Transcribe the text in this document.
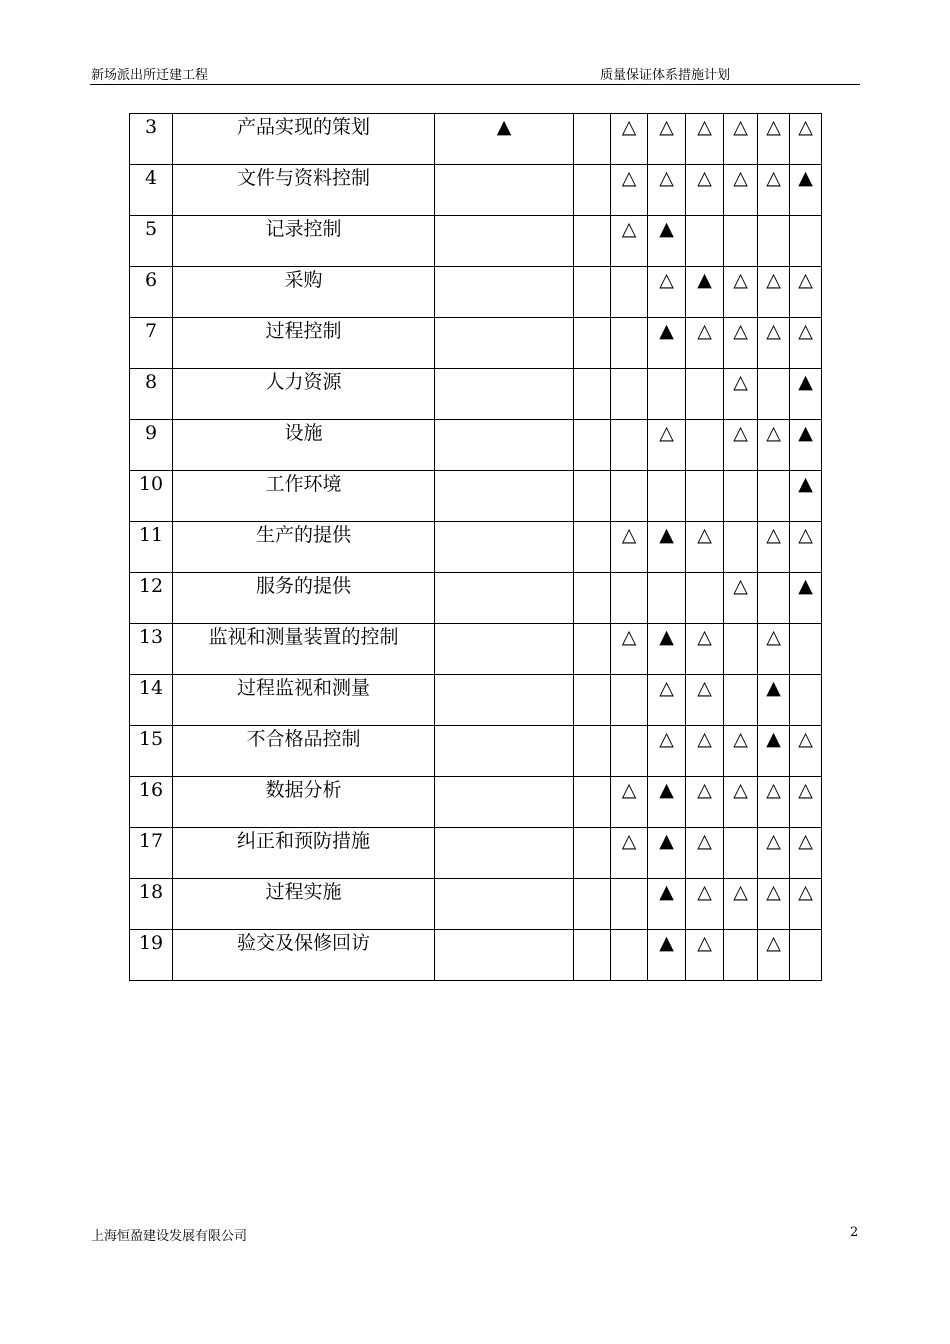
新场派出所迁建工程	质量保证体系措施计划
3	产品实现的策划	▲		△	△	△	△	△	△
4	文件与资料控制			△	△	△	△	△	▲
5	记录控制			△	▲				
6	采购				△	▲	△	△	△
7	过程控制				▲	△	△	△	△
8	人力资源						△		▲
9	设施				△		△	△	▲
10	工作环境								▲
11	生产的提供			△	▲	△		△	△
12	服务的提供						△		▲
13	监视和测量装置的控制			△	▲	△		△	
14	过程监视和测量				△	△		▲	
15	不合格品控制				△	△	△	▲	△
16	数据分析			△	▲	△	△	△	△
17	纠正和预防措施			△	▲	△		△	△
18	过程实施				▲	△	△	△	△
19	验交及保修回访				▲	△		△	
上海恒盈建设发展有限公司	2
